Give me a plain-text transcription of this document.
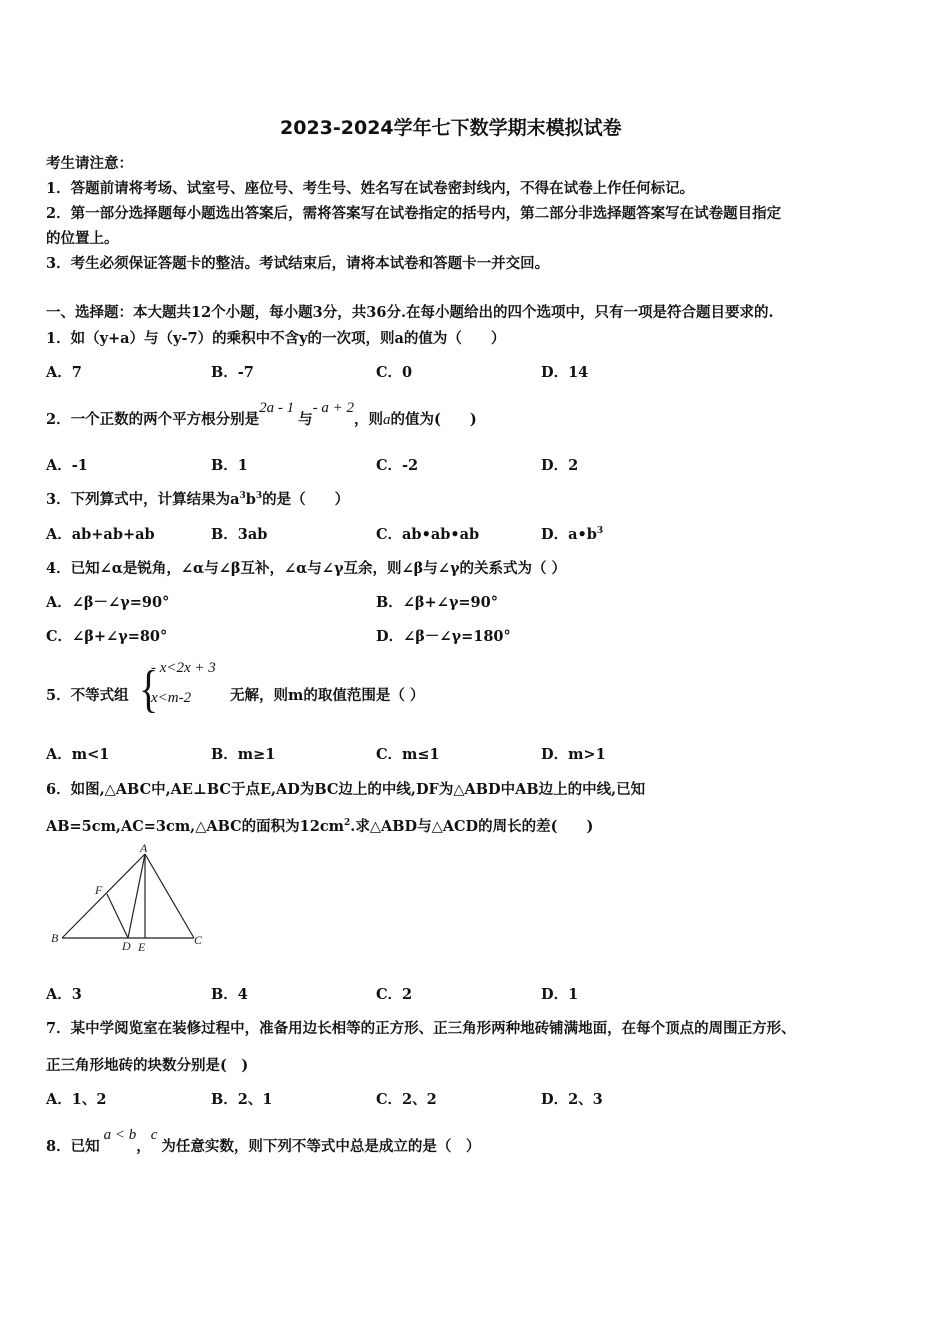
2023-2024学年七下数学期末模拟试卷
考生请注意：
1．答题前请将考场、试室号、座位号、考生号、姓名写在试卷密封线内，不得在试卷上作任何标记。
2．第一部分选择题每小题选出答案后，需将答案写在试卷指定的括号内，第二部分非选择题答案写在试卷题目指定
的位置上。
3．考生必须保证答题卡的整洁。考试结束后，请将本试卷和答题卡一并交回。
一、选择题：本大题共12个小题，每小题3分，共36分.在每小题给出的四个选项中，只有一项是符合题目要求的.
1．如（y+a）与（y-7）的乘积中不含y的一次项，则a的值为（　　）
A．7	B．-7	C．0	D．14
2．一个正数的两个平方根分别是2a - 1与- a + 2，则a的值为(　　)
A．-1	B．1	C．-2	D．2
3．下列算式中，计算结果为$a^3b^3$的是（　　）
A．ab+ab+ab	B．3ab	C．ab•ab•ab	D．$a•b^3$
4．已知∠α是锐角，∠α与∠β互补，∠α与∠γ互余，则∠β与∠γ的关系式为（ ）
A．∠β－∠γ=90°	B．∠β+∠γ=90°
C．∠β+∠γ=80°	D．∠β－∠γ=180°
5．不等式组 {
- x<2x + 3
x<m-2	无解，则m的取值范围是（ ）
A．m<1	B．m≥1	C．m≤1	D．m>1
6．如图,△ABC中,AE⊥BC于点E,AD为BC边上的中线,DF为△ABD中AB边上的中线,已知
AB=5cm,AC=3cm,△ABC的面积为$12cm^2$.求△ABD与△ACD的周长的差(　　)
A
B	C
D E
F
A．3	B．4	C．2	D．1
7．某中学阅览室在装修过程中，准备用边长相等的正方形、正三角形两种地砖铺满地面，在每个顶点的周围正方形、
正三角形地砖的块数分别是(　)
A．1、2	B．2、1	C．2、2	D．2、3
8．已知a < b，c为任意实数，则下列不等式中总是成立的是（　）
